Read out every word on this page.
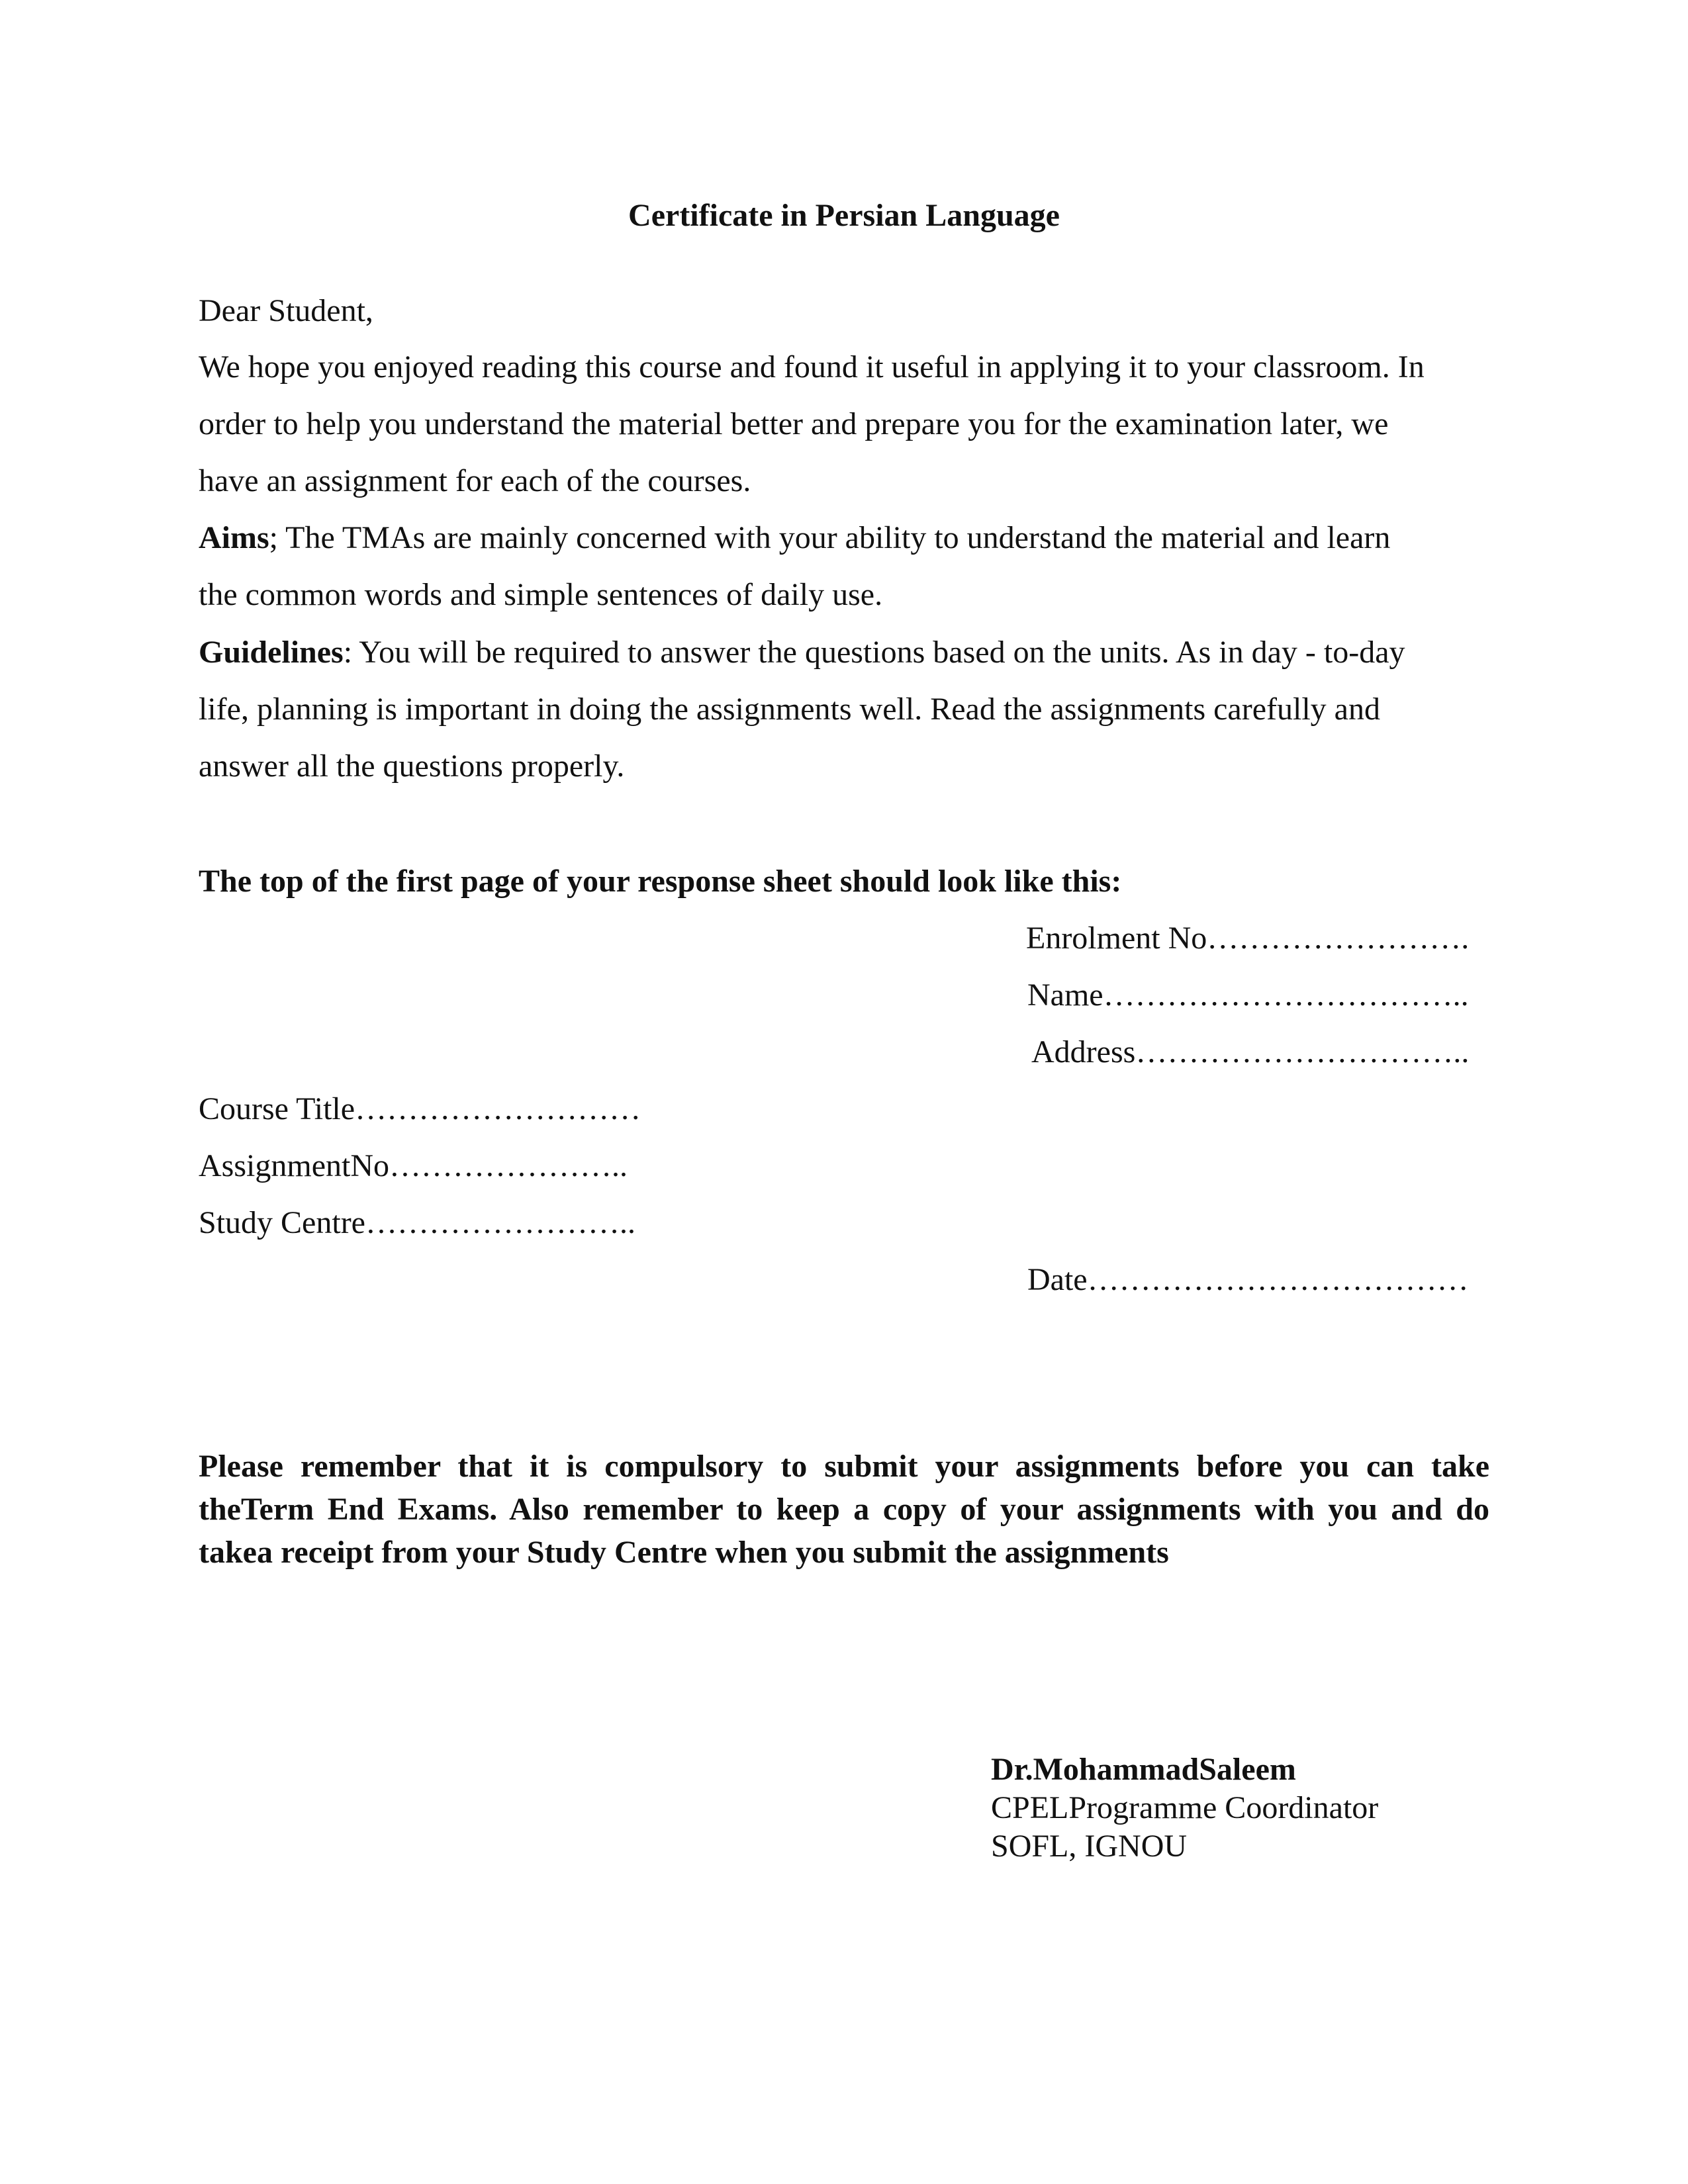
Certificate in Persian Language
Dear Student,
We hope you enjoyed reading this course and found it useful in applying it to your classroom. In
order to help you understand the material better and prepare you for the examination later, we
have an assignment for each of the courses.
Aims; The TMAs are mainly concerned with your ability to understand the material and learn
the common words and simple sentences of daily use.
Guidelines: You will be required to answer the questions based on the units. As in day - to-day
life, planning is important in doing the assignments well. Read the assignments carefully and
answer all the questions properly.
The top of the first page of your response sheet should look like this:
Enrolment No…………………….
Name……………………………..
Address…………………………..
Course Title………………………
AssignmentNo…………………..
Study Centre……………………..
Date………………………………
Please remember that it is compulsory to submit your assignments before you can take
theTerm End Exams. Also remember to keep a copy of your assignments with you and do
takea receipt from your Study Centre when you submit the assignments
Dr.MohammadSaleem
CPELProgramme Coordinator
SOFL, IGNOU
